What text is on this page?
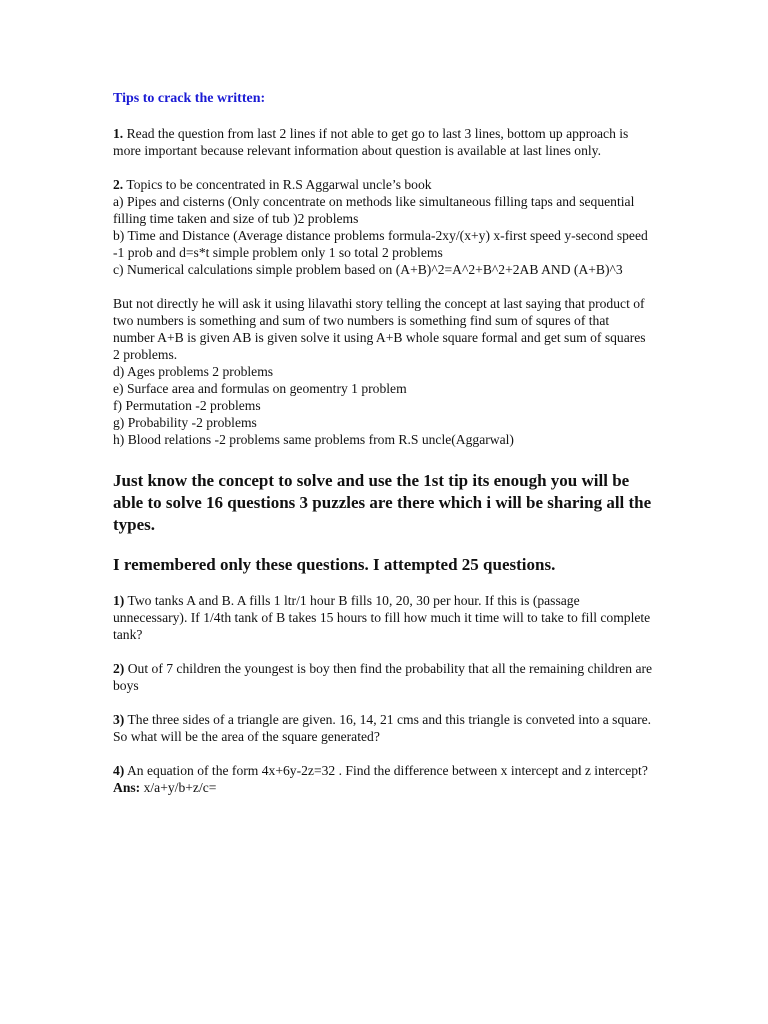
Tips to crack the written:

1. Read the question from last 2 lines if not able to get go to last 3 lines, bottom up approach is more important because relevant information about question is available at last lines only.

2. Topics to be concentrated in R.S Aggarwal uncle’s book
a) Pipes and cisterns (Only concentrate on methods like simultaneous filling taps and sequential filling time taken and size of tub )2 problems
b) Time and Distance (Average distance problems formula-2xy/(x+y) x-first speed y-second speed -1 prob and d=s*t simple problem only 1 so total 2 problems
c) Numerical calculations simple problem based on (A+B)^2=A^2+B^2+2AB AND (A+B)^3

But not directly he will ask it using lilavathi story telling the concept at last saying that product of two numbers is something and sum of two numbers is something find sum of squres of that number A+B is given AB is given solve it using A+B whole square formal and get sum of squares 2 problems.
d) Ages problems 2 problems
e) Surface area and formulas on geomentry 1 problem
f) Permutation -2 problems
g) Probability -2 problems
h) Blood relations -2 problems same problems from R.S uncle(Aggarwal)

Just know the concept to solve and use the 1st tip its enough you will be able to solve 16 questions 3 puzzles are there which i will be sharing all the types.

I remembered only these questions. I attempted 25 questions.

1) Two tanks A and B. A fills 1 ltr/1 hour B fills 10, 20, 30 per hour. If this is (passage unnecessary). If 1/4th tank of B takes 15 hours to fill how much it time will to take to fill complete tank?

2) Out of 7 children the youngest is boy then find the probability that all the remaining children are boys

3) The three sides of a triangle are given. 16, 14, 21 cms and this triangle is conveted into a square. So what will be the area of the square generated?

4) An equation of the form 4x+6y-2z=32 . Find the difference between x intercept and z intercept?
Ans: x/a+y/b+z/c=
